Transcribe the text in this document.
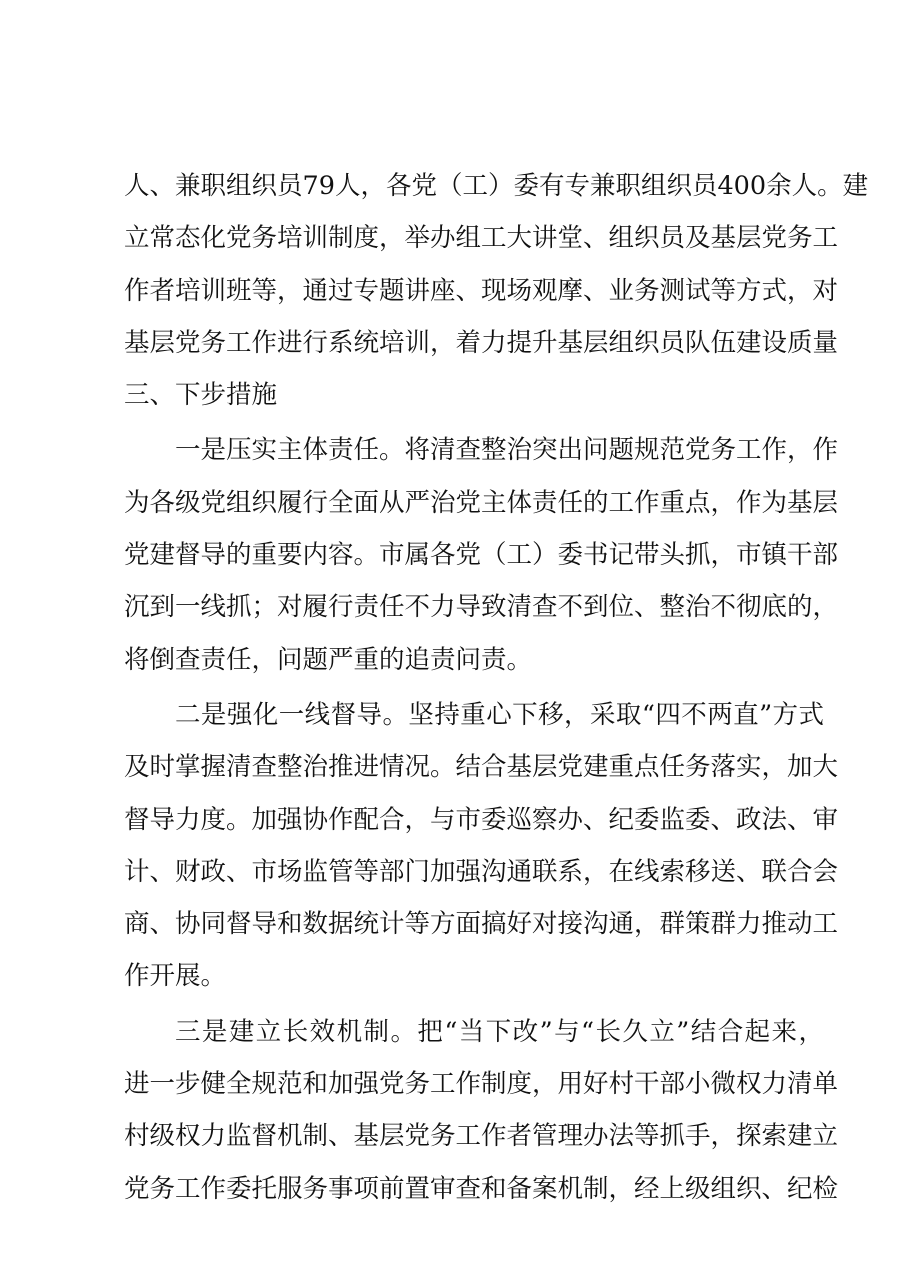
人、兼职组织员79人，各党（工）委有专兼职组织员400余人。建
立常态化党务培训制度，举办组工大讲堂、组织员及基层党务工
作者培训班等，通过专题讲座、现场观摩、业务测试等方式，对
基层党务工作进行系统培训，着力提升基层组织员队伍建设质量
三、下步措施
一是压实主体责任。将清查整治突出问题规范党务工作，作
为各级党组织履行全面从严治党主体责任的工作重点，作为基层
党建督导的重要内容。市属各党（工）委书记带头抓，市镇干部
沉到一线抓；对履行责任不力导致清查不到位、整治不彻底的，
将倒查责任，问题严重的追责问责。
二是强化一线督导。坚持重心下移，采取“四不两直”方式
及时掌握清查整治推进情况。结合基层党建重点任务落实，加大
督导力度。加强协作配合，与市委巡察办、纪委监委、政法、审
计、财政、市场监管等部门加强沟通联系，在线索移送、联合会
商、协同督导和数据统计等方面搞好对接沟通，群策群力推动工
作开展。
三是建立长效机制。把“当下改”与“长久立”结合起来，
进一步健全规范和加强党务工作制度，用好村干部小微权力清单
村级权力监督机制、基层党务工作者管理办法等抓手，探索建立
党务工作委托服务事项前置审查和备案机制，经上级组织、纪检
